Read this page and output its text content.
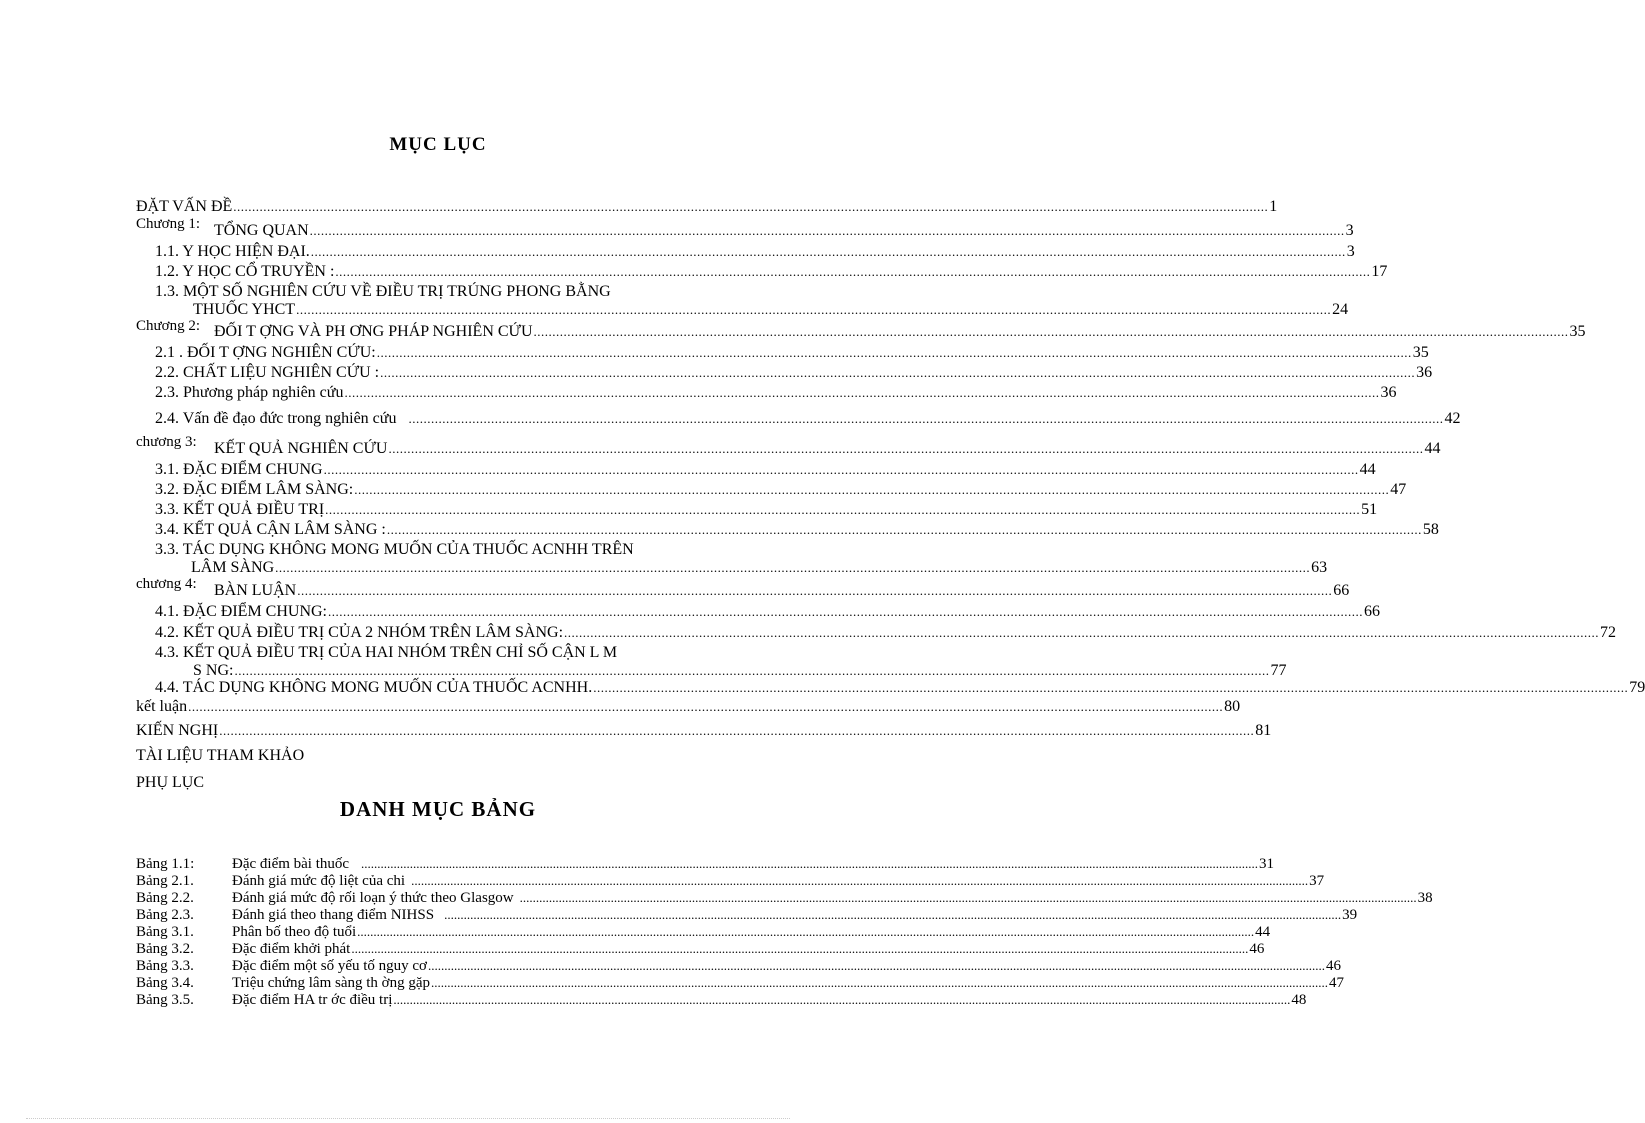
MỤC LỤC
ĐẶT VẤN ĐỀ .....	1
Chương 1: TỔNG QUAN .....	3
1.1. Y HỌC HIỆN ĐẠI. .....	3
1.2. Y HỌC CỔ TRUYỀN : .....	17
1.3. MỘT SỐ NGHIÊN CỨU VỀ ĐIỀU TRỊ TRÚNG PHONG BẰNG
THUỐC YHCT .....	24
Chương 2: ĐỐI T ỢNG VÀ PH ƠNG PHÁP NGHIÊN CỨU .....	35
2.1 . ĐỐI T ỢNG NGHIÊN CỨU: .....	35
2.2. CHẤT LIỆU NGHIÊN CỨU : .....	36
2.3. Phương pháp nghiên cứu .....	36
2.4. Vấn đề đạo đức trong nghiên cứu .....	42
chương 3: KẾT QUẢ NGHIÊN CỨU .....	44
3.1. ĐẶC ĐIỂM CHUNG .....	44
3.2. ĐẶC ĐIỂM LÂM SÀNG: .....	47
3.3. KẾT QUẢ ĐIỀU TRỊ .....	51
3.4. KẾT QUẢ CẬN LÂM SÀNG : .....	58
3.3. TÁC DỤNG KHÔNG MONG MUỐN CỦA THUỐC ACNHH TRÊN
LÂM SÀNG .....	63
chương 4: BÀN LUẬN .....	66
4.1. ĐẶC ĐIỂM CHUNG: .....	66
4.2. KẾT QUẢ ĐIỀU TRỊ CỦA 2 NHÓM TRÊN LÂM SÀNG: .....	72
4.3. KẾT QUẢ ĐIỀU TRỊ CỦA HAI NHÓM TRÊN CHỈ SỐ CẬN L M
S NG: .....	77
4.4. TÁC DỤNG KHÔNG MONG MUỐN CỦA THUỐC ACNHH. .....	79
kết luận .....	80
KIẾN NGHỊ .....	81
TÀI LIỆU THAM KHẢO
PHỤ LỤC
DANH MỤC BẢNG
Bảng 1.1:	Đặc điểm bài thuốc .....	31
Bảng 2.1.	Đánh giá mức độ liệt của chi .....	37
Bảng 2.2.	Đánh giá mức độ rối loạn ý thức theo Glasgow .....	38
Bảng 2.3.	Đánh giá theo thang điểm NIHSS .....	39
Bảng 3.1.	Phân bố theo độ tuổi .....	44
Bảng 3.2.	Đặc điểm khởi phát .....	46
Bảng 3.3.	Đặc điểm một số yếu tố nguy cơ .....	46
Bảng 3.4.	Triệu chứng lâm sàng th ờng gặp .....	47
Bảng 3.5.	Đặc điểm HA tr ớc điều trị .....	48
